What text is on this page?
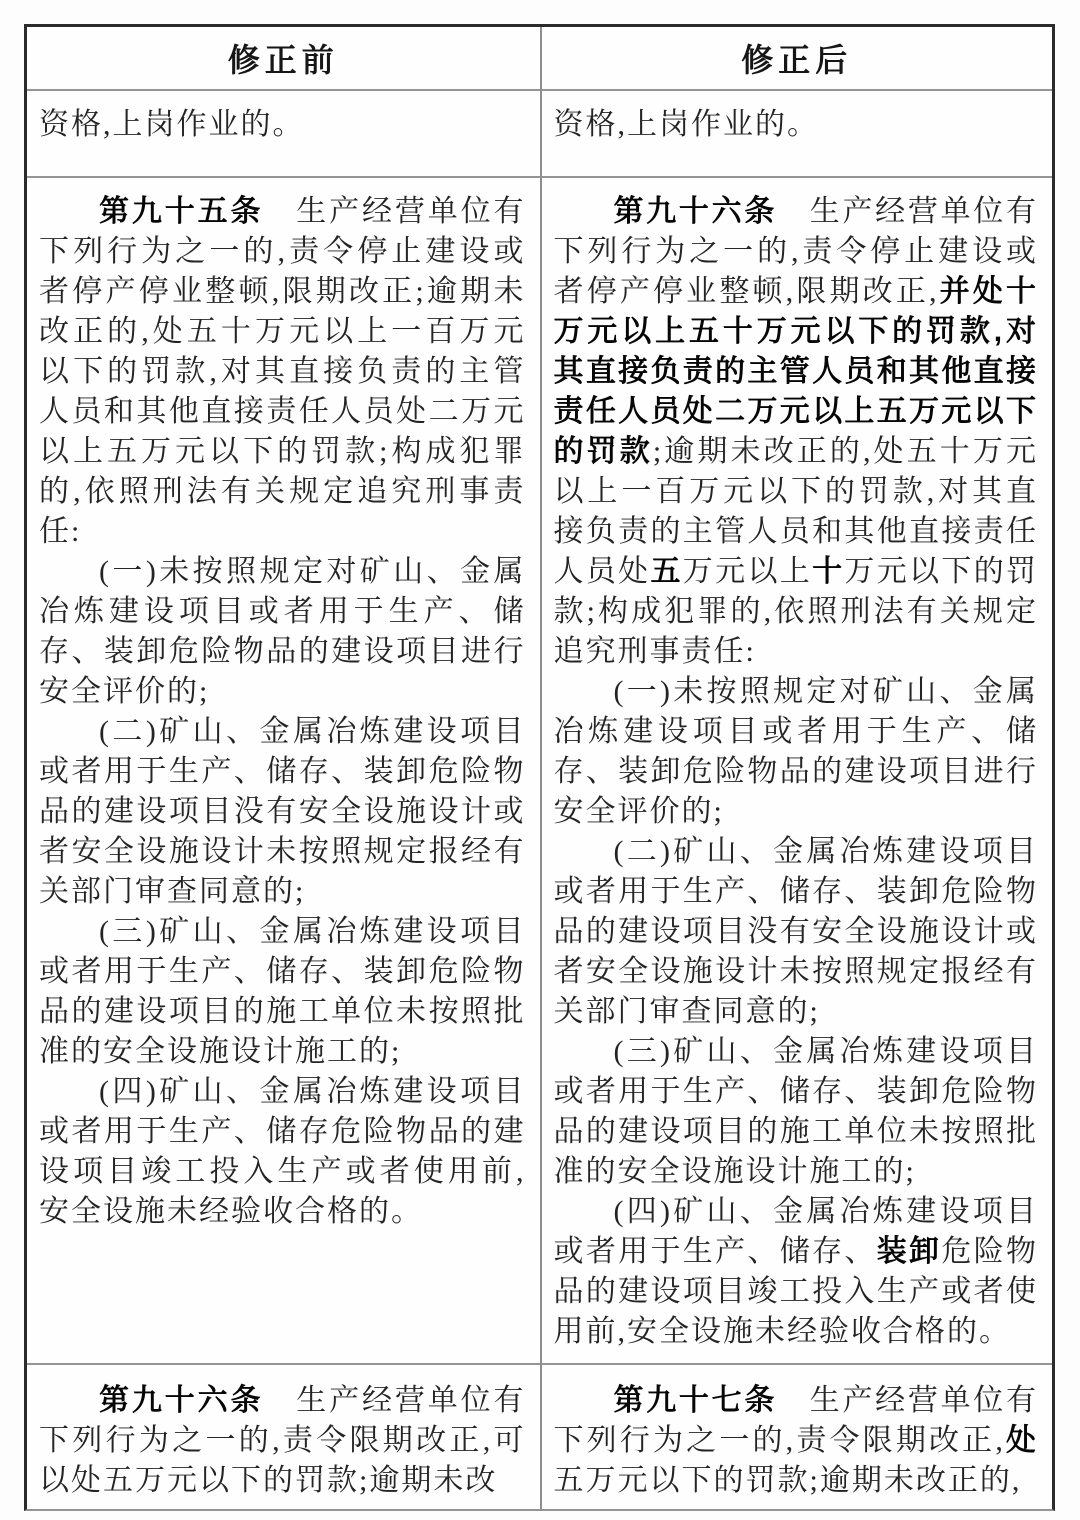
修正前	修正后

资格,上岗作业的。	资格,上岗作业的。

第九十五条　生产经营单位有下列行为之一的,责令停止建设或者停产停业整顿,限期改正;逾期未改正的,处五十万元以上一百万元以下的罚款,对其直接负责的主管人员和其他直接责任人员处二万元以上五万元以下的罚款;构成犯罪的,依照刑法有关规定追究刑事责任:

(一)未按照规定对矿山、金属冶炼建设项目或者用于生产、储存、装卸危险物品的建设项目进行安全评价的;

(二)矿山、金属冶炼建设项目或者用于生产、储存、装卸危险物品的建设项目没有安全设施设计或者安全设施设计未按照规定报经有关部门审查同意的;

(三)矿山、金属冶炼建设项目或者用于生产、储存、装卸危险物品的建设项目的施工单位未按照批准的安全设施设计施工的;

(四)矿山、金属冶炼建设项目或者用于生产、储存危险物品的建设项目竣工投入生产或者使用前,安全设施未经验收合格的。

第九十六条　生产经营单位有下列行为之一的,责令停止建设或者停产停业整顿,限期改正,并处十万元以上五十万元以下的罚款,对其直接负责的主管人员和其他直接责任人员处二万元以上五万元以下的罚款;逾期未改正的,处五十万元以上一百万元以下的罚款,对其直接负责的主管人员和其他直接责任人员处五万元以上十万元以下的罚款;构成犯罪的,依照刑法有关规定追究刑事责任:

(一)未按照规定对矿山、金属冶炼建设项目或者用于生产、储存、装卸危险物品的建设项目进行安全评价的;

(二)矿山、金属冶炼建设项目或者用于生产、储存、装卸危险物品的建设项目没有安全设施设计或者安全设施设计未按照规定报经有关部门审查同意的;

(三)矿山、金属冶炼建设项目或者用于生产、储存、装卸危险物品的建设项目的施工单位未按照批准的安全设施设计施工的;

(四)矿山、金属冶炼建设项目或者用于生产、储存、装卸危险物品的建设项目竣工投入生产或者使用前,安全设施未经验收合格的。

第九十六条　生产经营单位有下列行为之一的,责令限期改正,可以处五万元以下的罚款;逾期未改

第九十七条　生产经营单位有下列行为之一的,责令限期改正,处五万元以下的罚款;逾期未改正的,
